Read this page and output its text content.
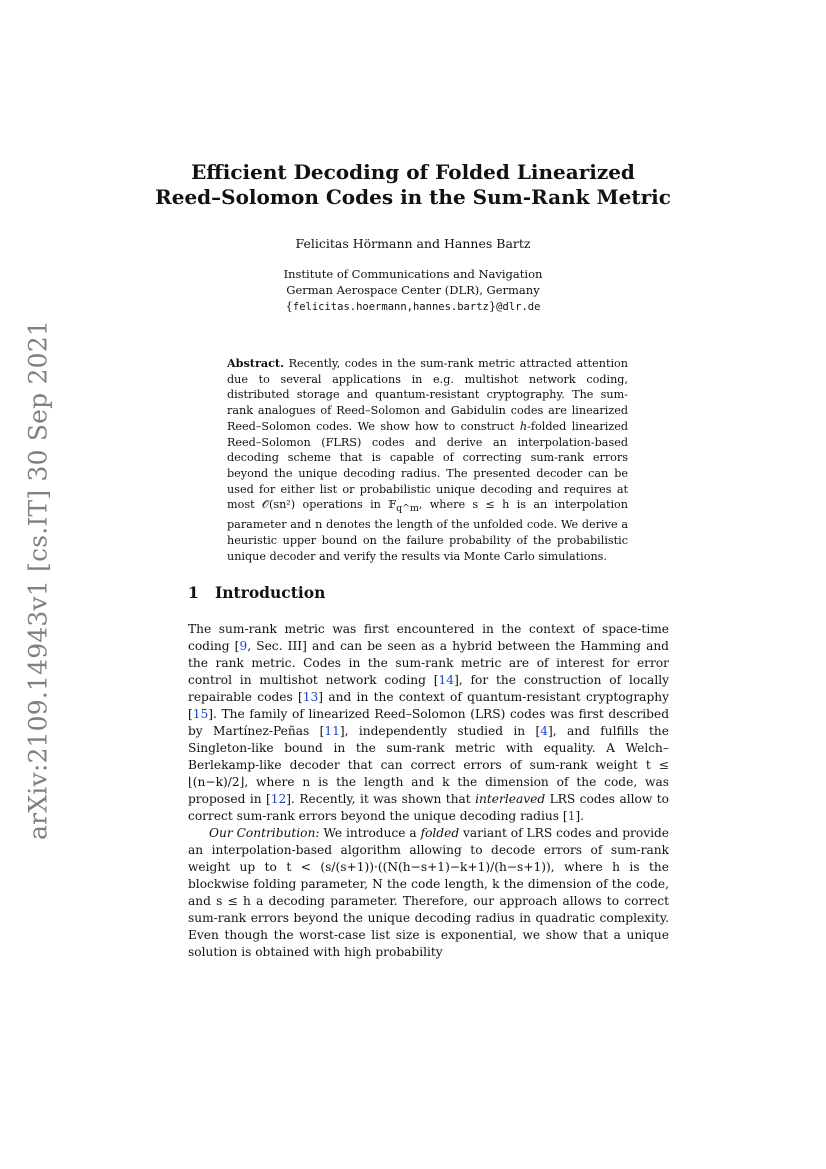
arXiv:2109.14943v1 [cs.IT] 30 Sep 2021
Efficient Decoding of Folded Linearized
Reed–Solomon Codes in the Sum-Rank Metric
Felicitas Hörmann and Hannes Bartz
Institute of Communications and Navigation
German Aerospace Center (DLR), Germany
{felicitas.hoermann,hannes.bartz}@dlr.de
Abstract. Recently, codes in the sum-rank metric attracted attention due to several applications in e.g. multishot network coding, distributed storage and quantum-resistant cryptography. The sum-rank analogues of Reed–Solomon and Gabidulin codes are linearized Reed–Solomon codes. We show how to construct h-folded linearized Reed–Solomon (FLRS) codes and derive an interpolation-based decoding scheme that is capable of correcting sum-rank errors beyond the unique decoding radius. The presented decoder can be used for either list or probabilistic unique decoding and requires at most 𝒪(sn²) operations in 𝔽$_{q\^{}m}$, where s ≤ h is an interpolation parameter and n denotes the length of the unfolded code. We derive a heuristic upper bound on the failure probability of the probabilistic unique decoder and verify the results via Monte Carlo simulations.
1 Introduction

The sum-rank metric was first encountered in the context of space-time coding [9, Sec. III] and can be seen as a hybrid between the Hamming and the rank metric. Codes in the sum-rank metric are of interest for error control in multishot network coding [14], for the construction of locally repairable codes [13] and in the context of quantum-resistant cryptography [15]. The family of linearized Reed–Solomon (LRS) codes was first described by Martínez-Peñas [11], independently studied in [4], and fulfills the Singleton-like bound in the sum-rank metric with equality. A Welch–Berlekamp-like decoder that can correct errors of sum-rank weight t ≤ ⌊(n−k)/2⌋, where n is the length and k the dimension of the code, was proposed in [12]. Recently, it was shown that interleaved LRS codes allow to correct sum-rank errors beyond the unique decoding radius [1].

Our Contribution: We introduce a folded variant of LRS codes and provide an interpolation-based algorithm allowing to decode errors of sum-rank weight up to t < (s/(s+1))·((N(h−s+1)−k+1)/(h−s+1)), where h is the blockwise folding parameter, N the code length, k the dimension of the code, and s ≤ h a decoding parameter. Therefore, our approach allows to correct sum-rank errors beyond the unique decoding radius in quadratic complexity. Even though the worst-case list size is exponential, we show that a unique solution is obtained with high probability
